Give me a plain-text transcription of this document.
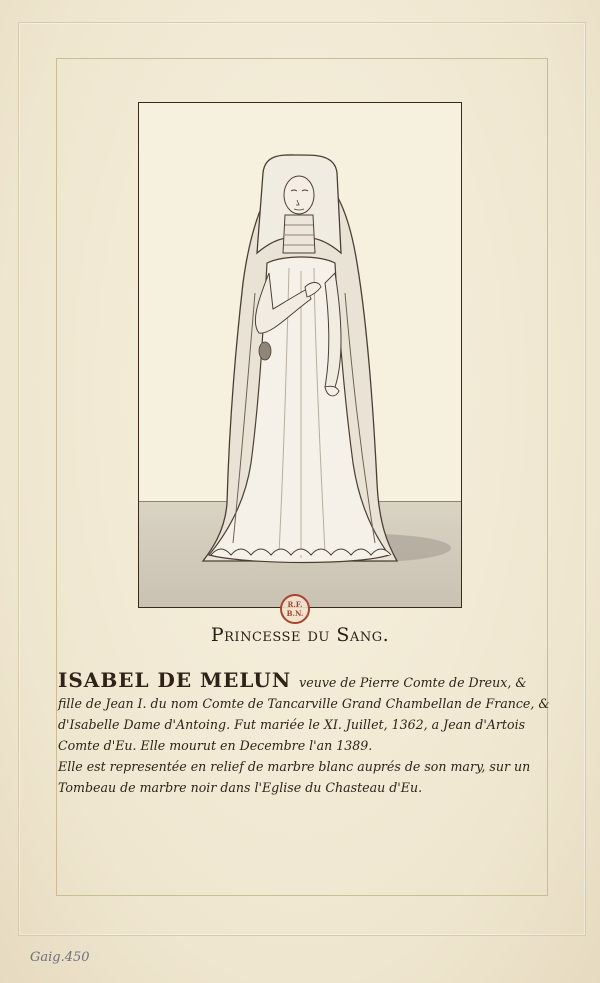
R.F.
B.N.
Princesse du Sang.

ISABEL DE MELUN veuve de Pierre Comte de Dreux, & fille de Jean I. du nom Comte de Tancarville Grand Chambellan de France, & d'Isabelle Dame d'Antoing. Fut mariée le XI. Juillet, 1362, a Jean d'Artois Comte d'Eu. Elle mourut en Decembre l'an 1389.

Elle est representée en relief de marbre blanc auprés de son mary, sur un Tombeau de marbre noir dans l'Eglise du Chasteau d'Eu.

Gaig.450
